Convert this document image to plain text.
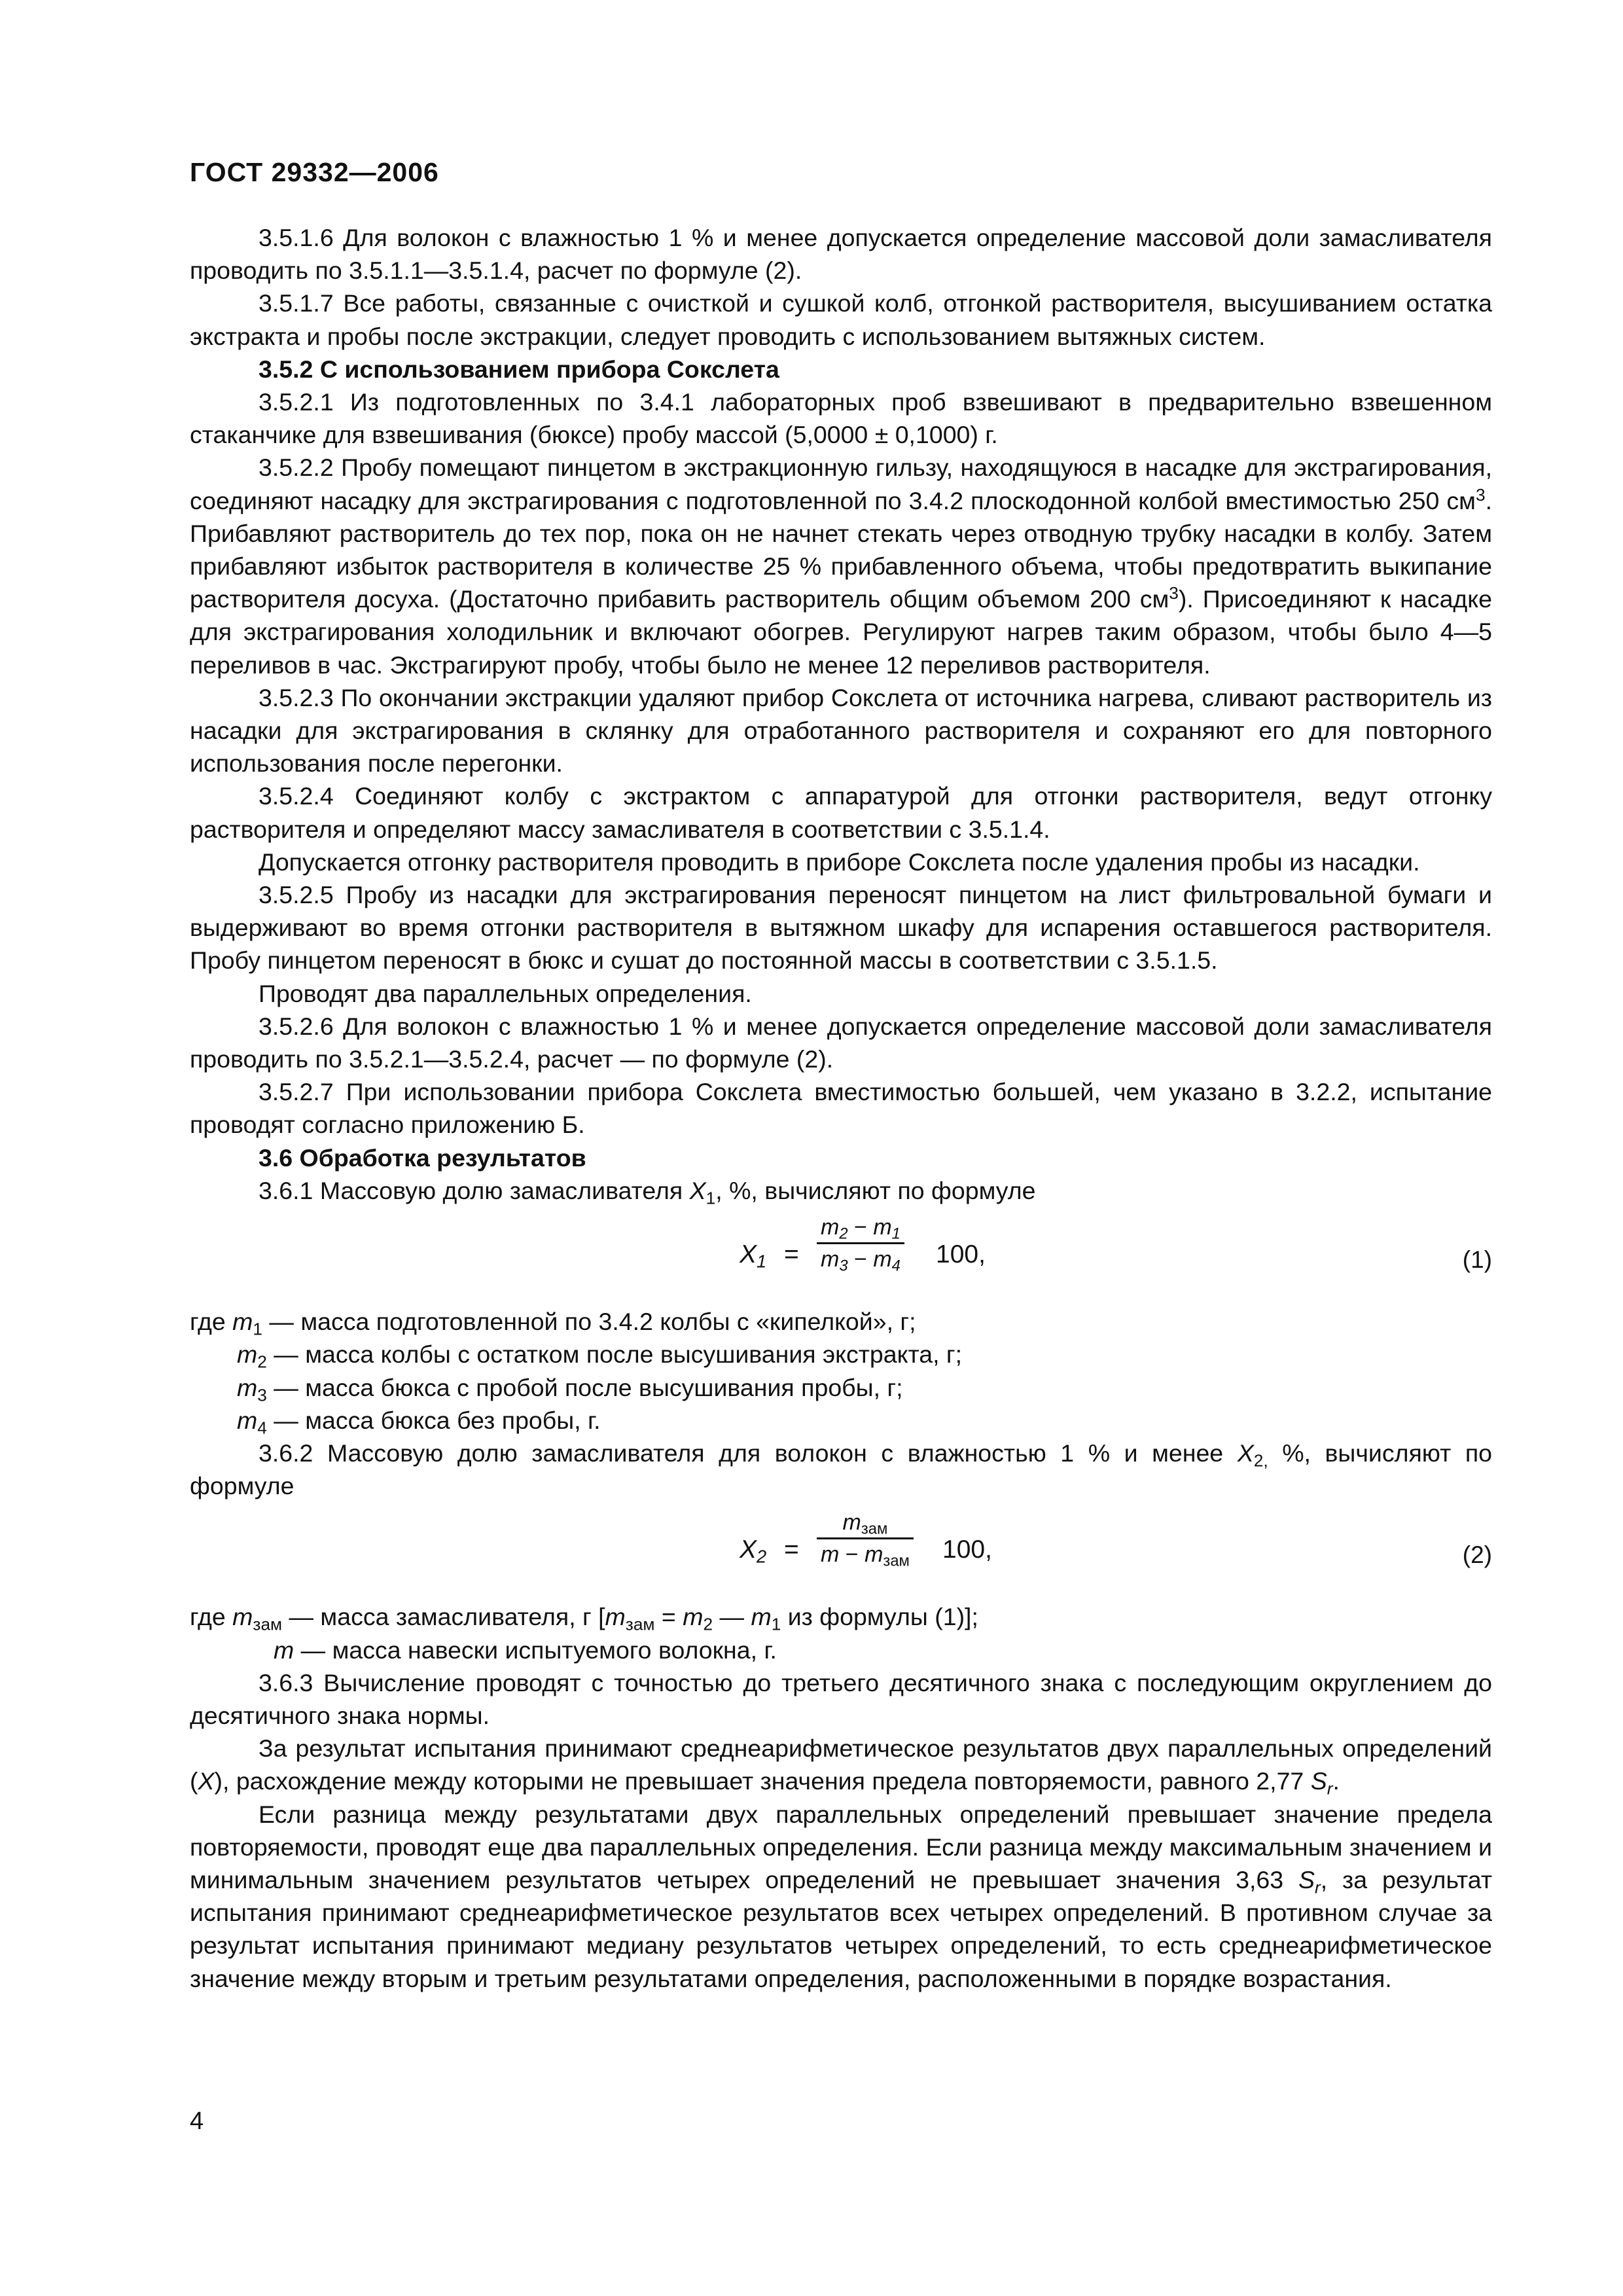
ГОСТ 29332—2006

3.5.1.6 Для волокон с влажностью 1 % и менее допускается определение массовой доли замасливателя проводить по 3.5.1.1—3.5.1.4, расчет по формуле (2).

3.5.1.7 Все работы, связанные с очисткой и сушкой колб, отгонкой растворителя, высушиванием остатка экстракта и пробы после экстракции, следует проводить с использованием вытяжных систем.

3.5.2 С использованием прибора Сокслета

3.5.2.1 Из подготовленных по 3.4.1 лабораторных проб взвешивают в предварительно взвешенном стаканчике для взвешивания (бюксе) пробу массой (5,0000 ± 0,1000) г.

3.5.2.2 Пробу помещают пинцетом в экстракционную гильзу, находящуюся в насадке для экстрагирования, соединяют насадку для экстрагирования с подготовленной по 3.4.2 плоскодонной колбой вместимостью 250 $см^3$. Прибавляют растворитель до тех пор, пока он не начнет стекать через отводную трубку насадки в колбу. Затем прибавляют избыток растворителя в количестве 25 % прибавленного объема, чтобы предотвратить выкипание растворителя досуха. (Достаточно прибавить растворитель общим объемом 200 $см^3$). Присоединяют к насадке для экстрагирования холодильник и включают обогрев. Регулируют нагрев таким образом, чтобы было 4—5 переливов в час. Экстрагируют пробу, чтобы было не менее 12 переливов растворителя.

3.5.2.3 По окончании экстракции удаляют прибор Сокслета от источника нагрева, сливают растворитель из насадки для экстрагирования в склянку для отработанного растворителя и сохраняют его для повторного использования после перегонки.

3.5.2.4 Соединяют колбу с экстрактом с аппаратурой для отгонки растворителя, ведут отгонку растворителя и определяют массу замасливателя в соответствии с 3.5.1.4.

Допускается отгонку растворителя проводить в приборе Сокслета после удаления пробы из насадки.

3.5.2.5 Пробу из насадки для экстрагирования переносят пинцетом на лист фильтровальной бумаги и выдерживают во время отгонки растворителя в вытяжном шкафу для испарения оставшегося растворителя. Пробу пинцетом переносят в бюкс и сушат до постоянной массы в соответствии с 3.5.1.5.

Проводят два параллельных определения.

3.5.2.6 Для волокон с влажностью 1 % и менее допускается определение массовой доли замасливателя проводить по 3.5.2.1—3.5.2.4, расчет — по формуле (2).

3.5.2.7 При использовании прибора Сокслета вместимостью большей, чем указано в 3.2.2, испытание проводят согласно приложению Б.

3.6 Обработка результатов

3.6.1 Массовую долю замасливателя $X_1$, %, вычисляют по формуле

$X_1$ =
$m_2 - m_1$
$m_3 - m_4$ 100,	(1)
где $m_1$ — масса подготовленной по 3.4.2 колбы с «кипелкой», г;
$m_2$ — масса колбы с остатком после высушивания экстракта, г;
$m_3$ — масса бюкса с пробой после высушивания пробы, г;
$m_4$ — масса бюкса без пробы, г.

3.6.2 Массовую долю замасливателя для волокон с влажностью 1 % и менее $X_{2,}$ %, вычисляют по формуле

$X_2$ =
$m_{зам}$
$m - m_{зам}$ 100,	(2)
где $m_{зам}$ — масса замасливателя, г [$m_{зам} = m_2$ — $m_1$ из формулы (1)];
m — масса навески испытуемого волокна, г.

3.6.3 Вычисление проводят с точностью до третьего десятичного знака с последующим округлением до десятичного знака нормы.

За результат испытания принимают среднеарифметическое результатов двух параллельных определений (X), расхождение между которыми не превышает значения предела повторяемости, равного 2,77 $S_r$.

Если разница между результатами двух параллельных определений превышает значение предела повторяемости, проводят еще два параллельных определения. Если разница между максимальным значением и минимальным значением результатов четырех определений не превышает значения 3,63 $S_r$, за результат испытания принимают среднеарифметическое результатов всех четырех определений. В противном случае за результат испытания принимают медиану результатов четырех определений, то есть среднеарифметическое значение между вторым и третьим результатами определения, расположенными в порядке возрастания.

4
